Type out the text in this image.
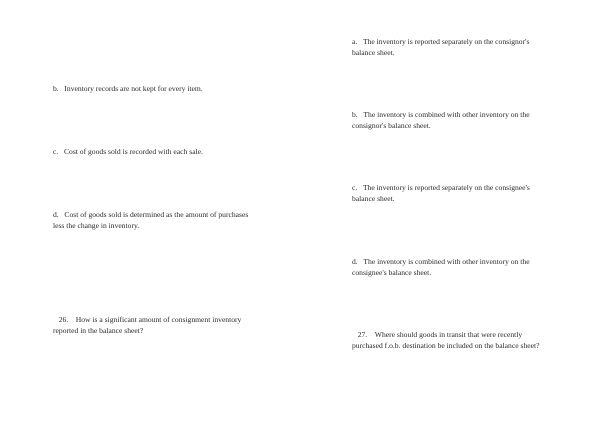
a.   The inventory is reported separately on the consignor's
balance sheet.
b.   The inventory is combined with other inventory on the
consignor's balance sheet.
c.   The inventory is reported separately on the consignee's
balance sheet.
d.   The inventory is combined with other inventory on the
consignee's balance sheet.
27.    Where should goods in transit that were recently
purchased f.o.b. destination be included on the balance sheet?
b.   Inventory records are not kept for every item.
c.   Cost of goods sold is recorded with each sale.
d.   Cost of goods sold is determined as the amount of purchases
less the change in inventory.
26.    How is a significant amount of consignment inventory
reported in the balance sheet?
